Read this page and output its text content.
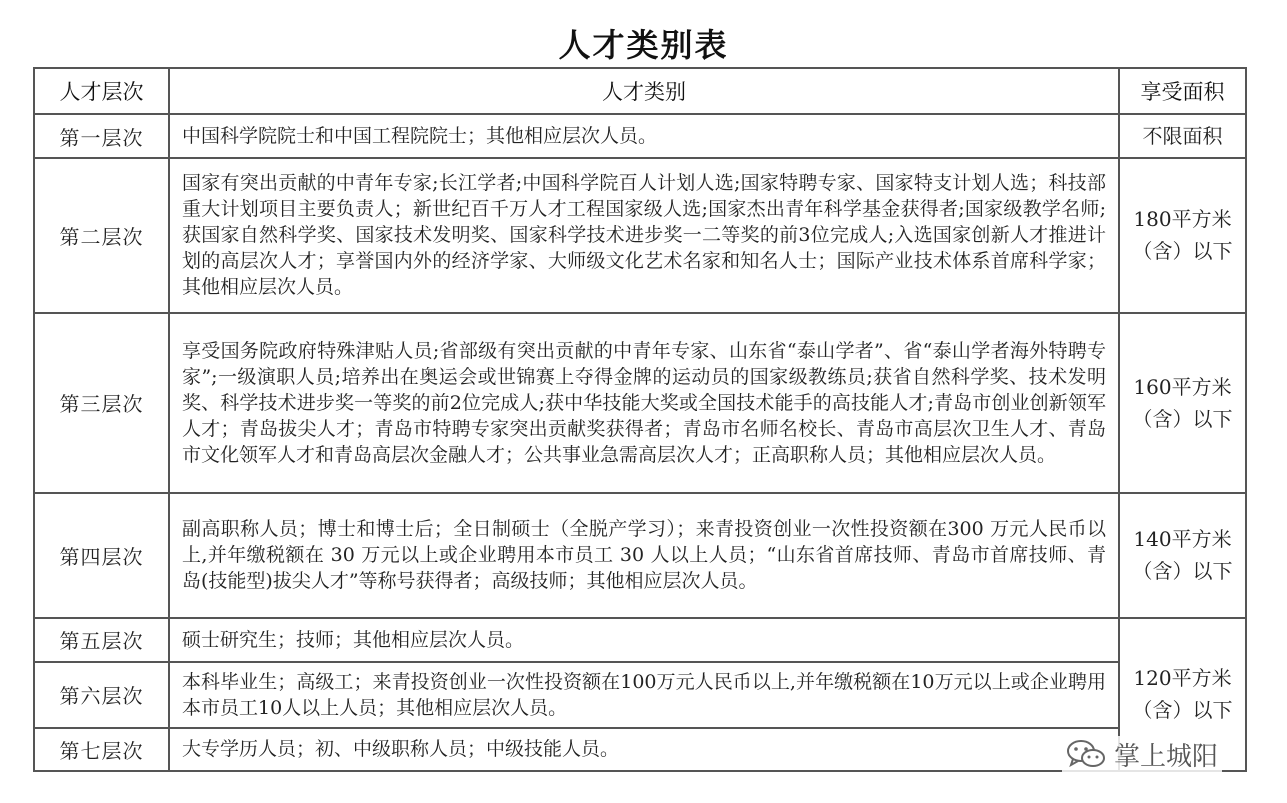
人才类别表
人才层次	人才类别	享受面积
第一层次	中国科学院院士和中国工程院院士；其他相应层次人员。	不限面积
第二层次	国家有突出贡献的中青年专家;长江学者;中国科学院百人计划人选;国家特聘专家、国家特支计划人选；科技部重大计划项目主要负责人；新世纪百千万人才工程国家级人选;国家杰出青年科学基金获得者;国家级教学名师;获国家自然科学奖、国家技术发明奖、国家科学技术进步奖一二等奖的前3位完成人;入选国家创新人才推进计划的高层次人才；享誉国内外的经济学家、大师级文化艺术名家和知名人士；国际产业技术体系首席科学家；其他相应层次人员。	180平方米（含）以下
第三层次	享受国务院政府特殊津贴人员;省部级有突出贡献的中青年专家、山东省“泰山学者”、省“泰山学者海外特聘专家”;一级演职人员;培养出在奥运会或世锦赛上夺得金牌的运动员的国家级教练员;获省自然科学奖、技术发明奖、科学技术进步奖一等奖的前2位完成人;获中华技能大奖或全国技术能手的高技能人才;青岛市创业创新领军人才；青岛拔尖人才；青岛市特聘专家突出贡献奖获得者；青岛市名师名校长、青岛市高层次卫生人才、青岛市文化领军人才和青岛高层次金融人才；公共事业急需高层次人才；正高职称人员；其他相应层次人员。	160平方米（含）以下
第四层次	副高职称人员；博士和博士后；全日制硕士（全脱产学习）；来青投资创业一次性投资额在300 万元人民币以上,并年缴税额在 30 万元以上或企业聘用本市员工 30 人以上人员；“山东省首席技师、青岛市首席技师、青岛(技能型)拔尖人才”等称号获得者；高级技师；其他相应层次人员。	140平方米（含）以下
第五层次	硕士研究生；技师；其他相应层次人员。	120平方米（含）以下
第六层次	本科毕业生；高级工；来青投资创业一次性投资额在100万元人民币以上,并年缴税额在10万元以上或企业聘用本市员工10人以上人员；其他相应层次人员。	
第七层次	大专学历人员；初、中级职称人员；中级技能人员。		掌上城阳
